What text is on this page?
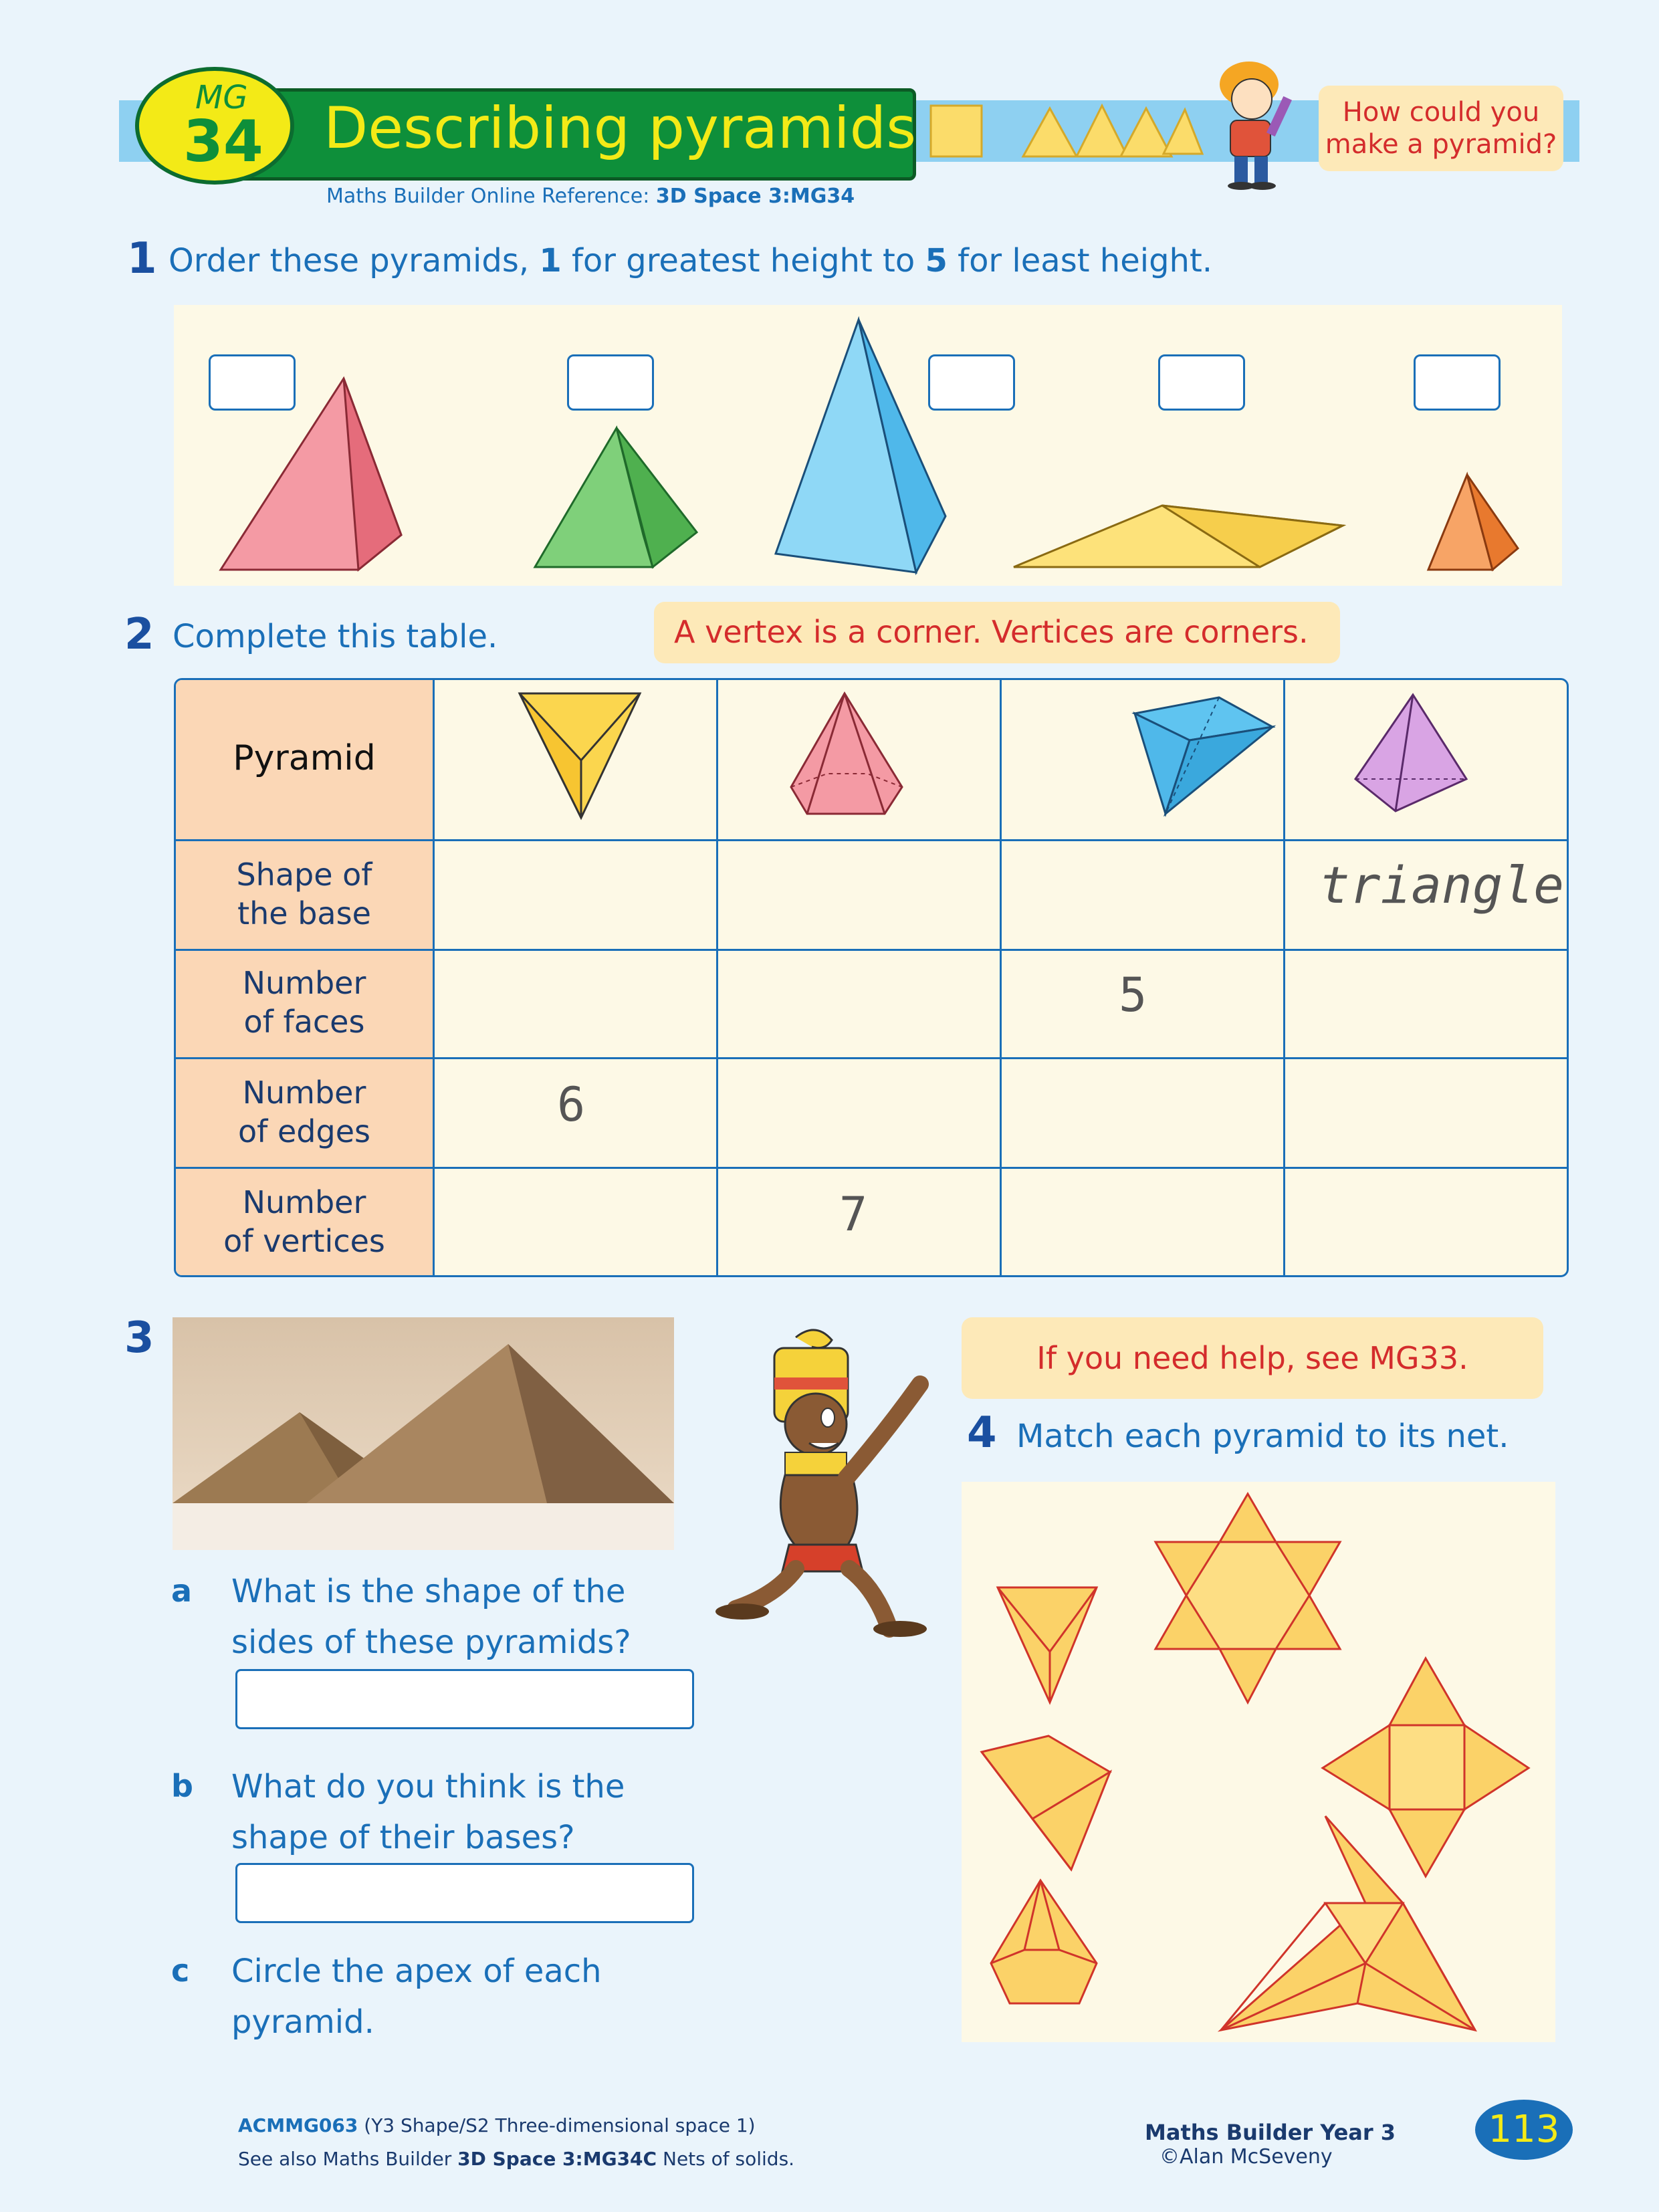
Describing pyramids
MG
34
Maths Builder Online Reference: 3D Space 3:MG34
How could you make a pyramid?
1 Order these pyramids, 1 for greatest height to 5 for least height.
2 Complete this table.	A vertex is a corner. Vertices are corners.
Pyramid
Shape of
the base
Number
of faces
Number
of edges
Number
of vertices
triangle
5
6
7
3
a What is the shape of the
sides of these pyramids?
b What do you think is the
shape of their bases?
c Circle the apex of each
pyramid.
If you need help, see MG33.
4 Match each pyramid to its net.
ACMMG063 (Y3 Shape/S2 Three-dimensional space 1)
See also Maths Builder 3D Space 3:MG34C Nets of solids.
Maths Builder Year 3
©Alan McSeveny
113
